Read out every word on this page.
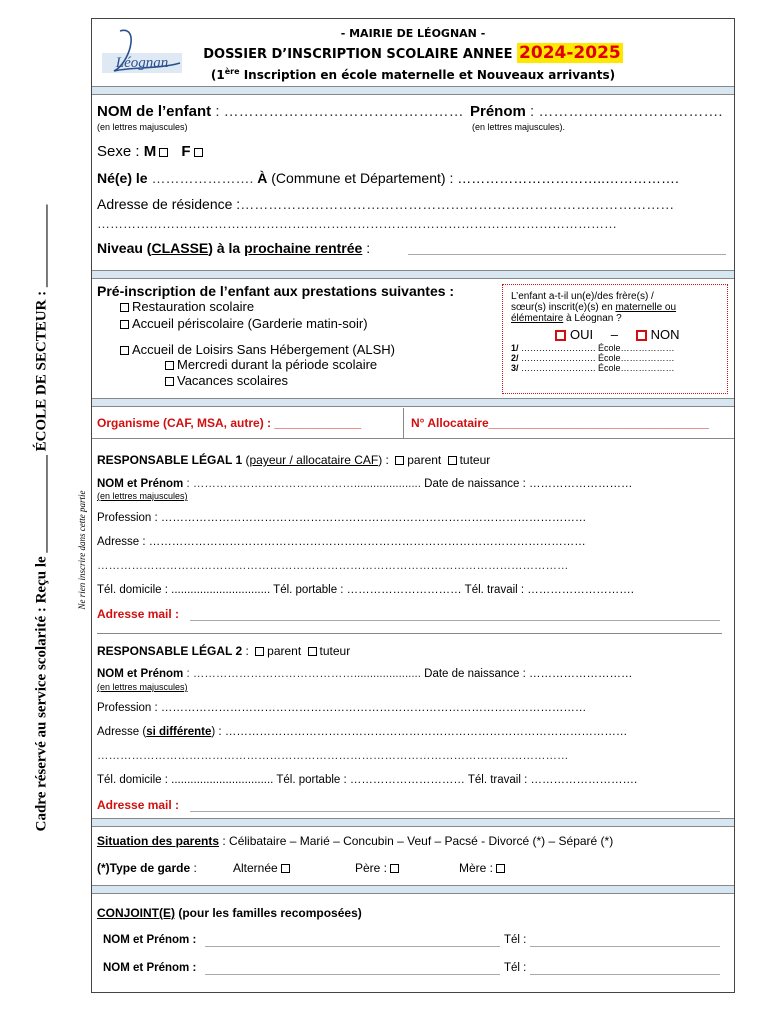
Cadre réservé au service scolarité : Reçu le _____________ ÉCOLE DE SECTEUR : ___________	Ne rien inscrire dans cette partie
Léognan
- MAIRIE DE LÉOGNAN -
DOSSIER D’INSCRIPTION SCOLAIRE ANNEE 2024-2025
(1ère Inscription en école maternelle et Nouveaux arrivants)
NOM de l’enfant : …………………………………………
(en lettres majuscules)
Prénom : ……………………………….
(en lettres majuscules).
Sexe : M F
Né(e) le …………………. À (Commune et Département) : …………………………..…………….
Adresse de résidence :…………………………………………………………………………………
…………………………………………………………………………………………………………
Niveau (CLASSE) à la prochaine rentrée :
Pré-inscription de l’enfant aux prestations suivantes :
Restauration scolaire
Accueil périscolaire (Garderie matin-soir)
Accueil de Loisirs Sans Hébergement (ALSH)
Mercredi durant la période scolaire
Vacances scolaires
L’enfant a-t-il un(e)/des frère(s) /
sœur(s) inscrit(e)(s) en maternelle ou
élémentaire à Léognan ?
OUI –	NON
1/ ……………………. École………………
2/ ……………………. École………………
3/ ……………………. École………………
Organisme (CAF, MSA, autre) : _____________	N° Allocataire_________________________________
RESPONSABLE LÉGAL 1 (payeur / allocataire CAF) : parent tuteur
NOM et Prénom : ……………………………………..................... Date de naissance : ………………………
(en lettres majuscules)
Profession : …………………………………………………………………………………………………
Adresse : ……………………………………………………………………………………………………
……………………………………………………………………………………………………………
Tél. domicile : ............................... Tél. portable : ………………………… Tél. travail : ……………………….
Adresse mail :
RESPONSABLE LÉGAL 2 : parent tuteur
NOM et Prénom : ……………………………………..................... Date de naissance : ………………………
(en lettres majuscules)
Profession : …………………………………………………………………………………………………
Adresse (si différente) : ……………………………………………………………………………………………
……………………………………………………………………………………………………………
Tél. domicile : ................................ Tél. portable : ………………………… Tél. travail : ……………………….
Adresse mail :
Situation des parents : Célibataire – Marié – Concubin – Veuf – Pacsé - Divorcé (*) – Séparé (*)
(*)Type de garde :	Alternée	Père :	Mère :
CONJOINT(E) (pour les familles recomposées)
NOM et Prénom :	Tél :
NOM et Prénom :	Tél :
